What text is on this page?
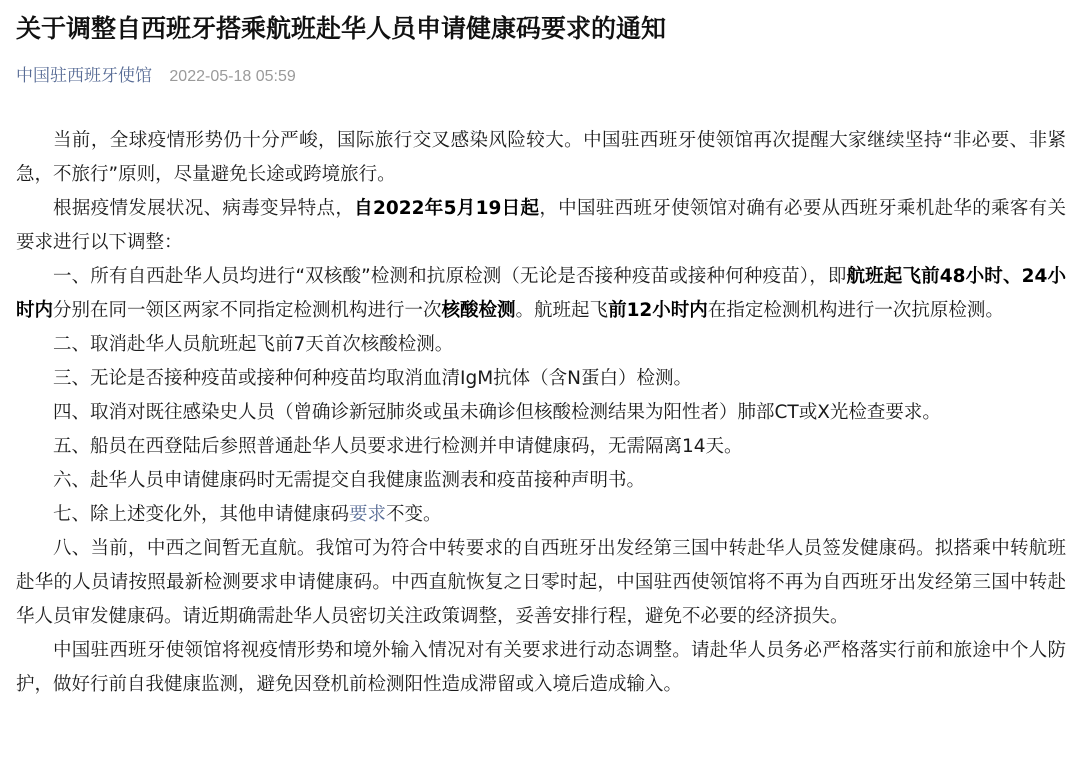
关于调整自西班牙搭乘航班赴华人员申请健康码要求的通知
中国驻西班牙使馆 2022-05-18 05:59

当前，全球疫情形势仍十分严峻，国际旅行交叉感染风险较大。中国驻西班牙使领馆再次提醒大家继续坚持“非必要、非紧急，不旅行”原则，尽量避免长途或跨境旅行。

根据疫情发展状况、病毒变异特点，自2022年5月19日起，中国驻西班牙使领馆对确有必要从西班牙乘机赴华的乘客有关要求进行以下调整：

一、所有自西赴华人员均进行“双核酸”检测和抗原检测（无论是否接种疫苗或接种何种疫苗），即航班起飞前48小时、24小时内分别在同一领区两家不同指定检测机构进行一次核酸检测。航班起飞前12小时内在指定检测机构进行一次抗原检测。

二、取消赴华人员航班起飞前7天首次核酸检测。

三、无论是否接种疫苗或接种何种疫苗均取消血清IgM抗体（含N蛋白）检测。

四、取消对既往感染史人员（曾确诊新冠肺炎或虽未确诊但核酸检测结果为阳性者）肺部CT或X光检查要求。

五、船员在西登陆后参照普通赴华人员要求进行检测并申请健康码，无需隔离14天。

六、赴华人员申请健康码时无需提交自我健康监测表和疫苗接种声明书。

七、除上述变化外，其他申请健康码要求不变。

八、当前，中西之间暂无直航。我馆可为符合中转要求的自西班牙出发经第三国中转赴华人员签发健康码。拟搭乘中转航班赴华的人员请按照最新检测要求申请健康码。中西直航恢复之日零时起，中国驻西使领馆将不再为自西班牙出发经第三国中转赴华人员审发健康码。请近期确需赴华人员密切关注政策调整，妥善安排行程，避免不必要的经济损失。

中国驻西班牙使领馆将视疫情形势和境外输入情况对有关要求进行动态调整。请赴华人员务必严格落实行前和旅途中个人防护，做好行前自我健康监测，避免因登机前检测阳性造成滞留或入境后造成输入。
